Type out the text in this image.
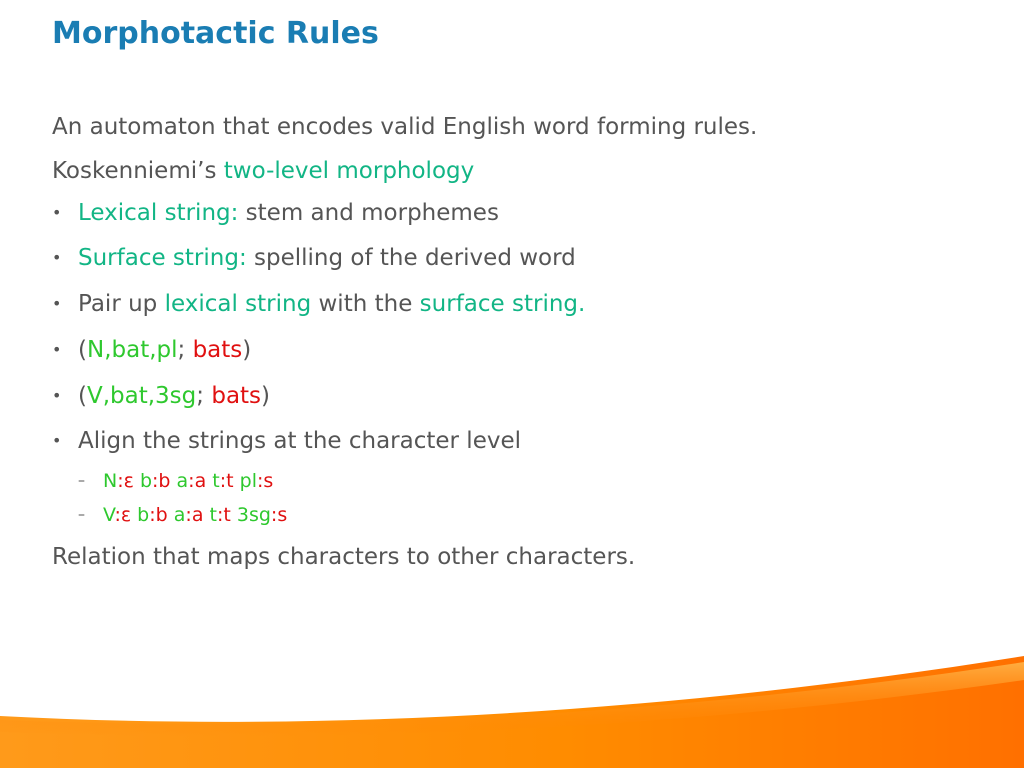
Morphotactic Rules
An automaton that encodes valid English word forming rules.
Koskenniemi’s two-level morphology
• Lexical string: stem and morphemes
• Surface string: spelling of the derived word
• Pair up lexical string with the surface string.
• (N,bat,pl; bats)
• (V,bat,3sg; bats)
• Align the strings at the character level
– N:ε b:b a:a t:t pl:s
– V:ε b:b a:a t:t 3sg:s
Relation that maps characters to other characters.
